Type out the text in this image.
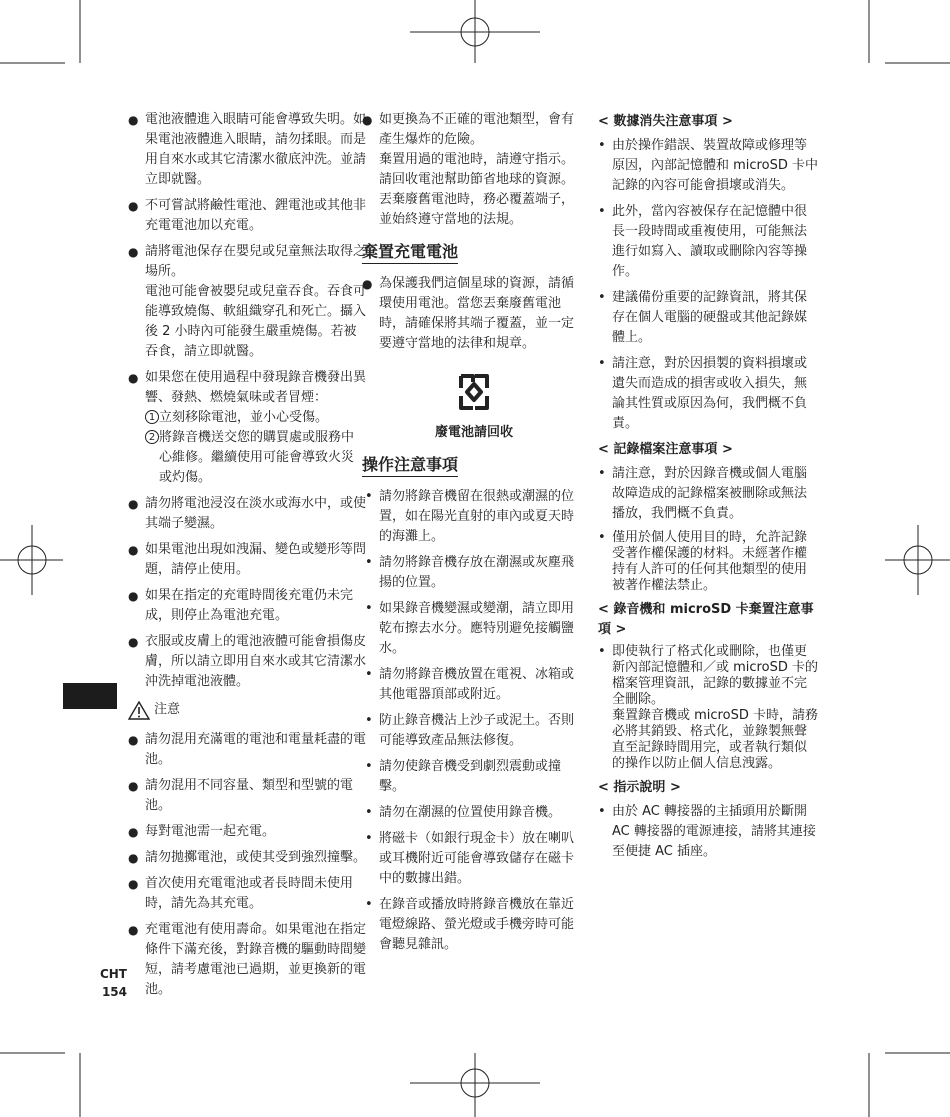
● 電池液體進入眼睛可能會導致失明。如果電池液體進入眼睛，請勿揉眼。而是用自來水或其它清潔水徹底沖洗。並請立即就醫。
● 不可嘗試將鹼性電池、鋰電池或其他非充電電池加以充電。
● 請將電池保存在嬰兒或兒童無法取得之場所。
電池可能會被嬰兒或兒童吞食。吞食可能導致燒傷、軟組織穿孔和死亡。攝入後 2 小時內可能發生嚴重燒傷。若被吞食，請立即就醫。
● 如果您在使用過程中發現錄音機發出異響、發熱、燃燒氣味或者冒煙：
1 立刻移除電池，並小心受傷。
2 將錄音機送交您的購買處或服務中心維修。繼續使用可能會導致火災或灼傷。
● 請勿將電池浸沒在淡水或海水中，或使其端子變濕。
● 如果電池出現如洩漏、變色或變形等問題，請停止使用。
● 如果在指定的充電時間後充電仍未完成，則停止為電池充電。
● 衣服或皮膚上的電池液體可能會損傷皮膚，所以請立即用自來水或其它清潔水沖洗掉電池液體。
注意
● 請勿混用充滿電的電池和電量耗盡的電池。
● 請勿混用不同容量、類型和型號的電池。
● 每對電池需一起充電。
● 請勿拋擲電池，或使其受到強烈撞擊。
● 首次使用充電電池或者長時間未使用時，請先為其充電。
● 充電電池有使用壽命。如果電池在指定條件下滿充後，對錄音機的驅動時間變短，請考慮電池已過期，並更換新的電池。
● 如更換為不正確的電池類型，會有產生爆炸的危險。
棄置用過的電池時，請遵守指示。請回收電池幫助節省地球的資源。丟棄廢舊電池時，務必覆蓋端子，並始終遵守當地的法規。
棄置充電電池
● 為保護我們這個星球的資源，請循環使用電池。當您丟棄廢舊電池時，請確保將其端子覆蓋，並一定要遵守當地的法律和規章。
廢電池請回收
操作注意事項
• 請勿將錄音機留在很熱或潮濕的位置，如在陽光直射的車內或夏天時的海灘上。
• 請勿將錄音機存放在潮濕或灰塵飛揚的位置。
• 如果錄音機變濕或變潮，請立即用乾布擦去水分。應特別避免接觸鹽水。
• 請勿將錄音機放置在電視、冰箱或其他電器頂部或附近。
• 防止錄音機沾上沙子或泥土。否則可能導致產品無法修復。
• 請勿使錄音機受到劇烈震動或撞擊。
• 請勿在潮濕的位置使用錄音機。
• 將磁卡（如銀行現金卡）放在喇叭或耳機附近可能會導致儲存在磁卡中的數據出錯。
• 在錄音或播放時將錄音機放在靠近電燈線路、螢光燈或手機旁時可能會聽見雜訊。
< 數據消失注意事項 >
• 由於操作錯誤、裝置故障或修理等原因，內部記憶體和 microSD 卡中記錄的內容可能會損壞或消失。
• 此外，當內容被保存在記憶體中很長一段時間或重複使用，可能無法進行如寫入、讀取或刪除內容等操作。
• 建議備份重要的記錄資訊，將其保存在個人電腦的硬盤或其他記錄媒體上。
• 請注意，對於因損製的資料損壞或遺失而造成的損害或收入損失，無論其性質或原因為何，我們概不負責。
< 記錄檔案注意事項 >
• 請注意，對於因錄音機或個人電腦故障造成的記錄檔案被刪除或無法播放，我們概不負責。
• 僅用於個人使用目的時，允許記錄受著作權保護的材料。未經著作權持有人許可的任何其他類型的使用被著作權法禁止。
< 錄音機和 microSD 卡棄置注意事項 >
• 即使執行了格式化或刪除，也僅更新內部記憶體和／或 microSD 卡的檔案管理資訊，記錄的數據並不完全刪除。
棄置錄音機或 microSD 卡時，請務必將其銷毀、格式化，並錄製無聲直至記錄時間用完，或者執行類似的操作以防止個人信息洩露。
< 指示說明 >
• 由於 AC 轉接器的主插頭用於斷開 AC 轉接器的電源連接，請將其連接至便捷 AC 插座。
CHT
154
